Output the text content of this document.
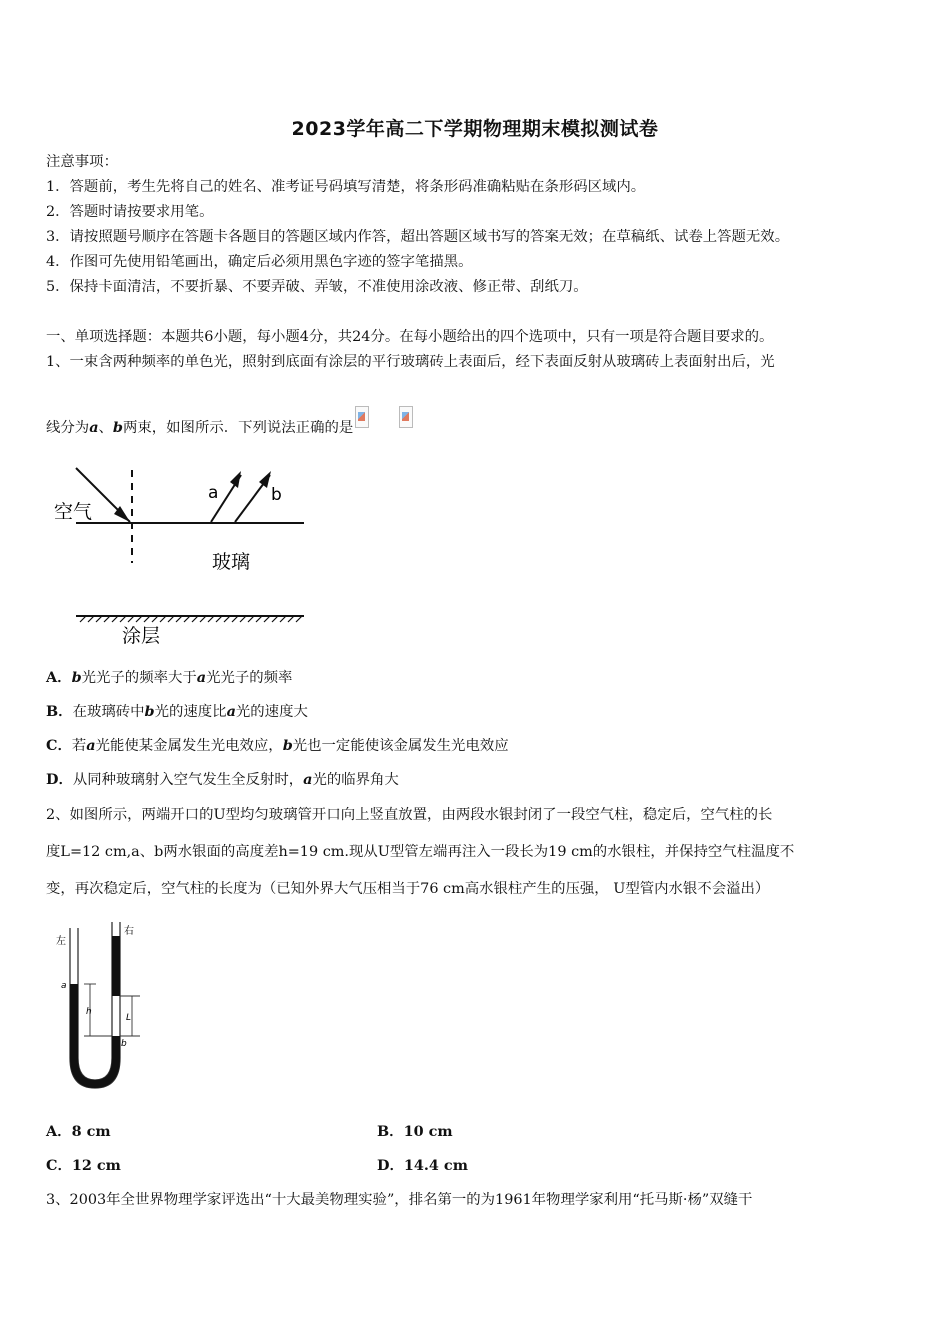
2023学年高二下学期物理期末模拟测试卷
注意事项：
1．答题前，考生先将自己的姓名、准考证号码填写清楚，将条形码准确粘贴在条形码区域内。
2．答题时请按要求用笔。
3．请按照题号顺序在答题卡各题目的答题区域内作答，超出答题区域书写的答案无效；在草稿纸、试卷上答题无效。
4．作图可先使用铅笔画出，确定后必须用黑色字迹的签字笔描黑。
5．保持卡面清洁，不要折暴、不要弄破、弄皱，不准使用涂改液、修正带、刮纸刀。
一、单项选择题：本题共6小题，每小题4分，共24分。在每小题给出的四个选项中，只有一项是符合题目要求的。
1、一束含两种频率的单色光，照射到底面有涂层的平行玻璃砖上表面后，经下表面反射从玻璃砖上表面射出后，光
线分为a、b两束，如图所示．下列说法正确的是
空气
玻璃
涂层
a	b
A．b光光子的频率大于a光光子的频率
B．在玻璃砖中b光的速度比a光的速度大
C．若a光能使某金属发生光电效应，b光也一定能使该金属发生光电效应
D．从同种玻璃射入空气发生全反射时，a光的临界角大
2、如图所示，两端开口的U型均匀玻璃管开口向上竖直放置，由两段水银封闭了一段空气柱，稳定后，空气柱的长
度L=12 cm,a、b两水银面的高度差h=19 cm.现从U型管左端再注入一段长为19 cm的水银柱，并保持空气柱温度不
变，再次稳定后，空气柱的长度为（已知外界大气压相当于76 cm高水银柱产生的压强， U型管内水银不会溢出）
左
右
a
b
h
L
A．8 cm	B．10 cm
C．12 cm	D．14.4 cm
3、2003年全世界物理学家评选出“十大最美物理实验”，排名第一的为1961年物理学家利用“托马斯·杨”双缝干
